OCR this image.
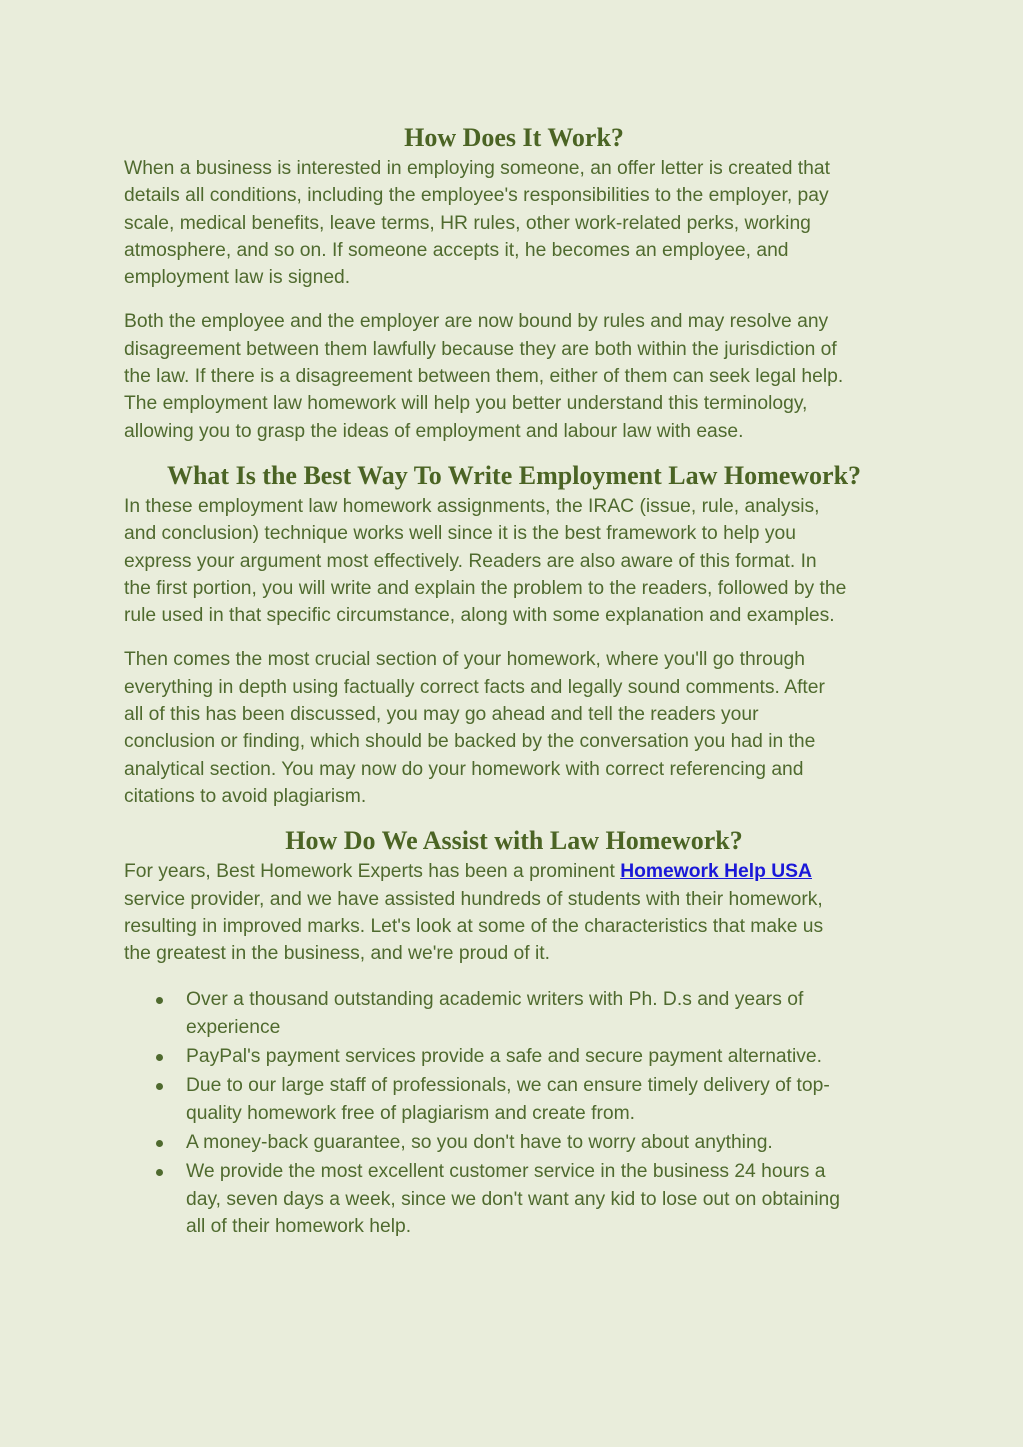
How Does It Work?

When a business is interested in employing someone, an offer letter is created that
details all conditions, including the employee's responsibilities to the employer, pay
scale, medical benefits, leave terms, HR rules, other work-related perks, working
atmosphere, and so on. If someone accepts it, he becomes an employee, and
employment law is signed.

Both the employee and the employer are now bound by rules and may resolve any
disagreement between them lawfully because they are both within the jurisdiction of
the law. If there is a disagreement between them, either of them can seek legal help.
The employment law homework will help you better understand this terminology,
allowing you to grasp the ideas of employment and labour law with ease.

What Is the Best Way To Write Employment Law Homework?

In these employment law homework assignments, the IRAC (issue, rule, analysis,
and conclusion) technique works well since it is the best framework to help you
express your argument most effectively. Readers are also aware of this format. In
the first portion, you will write and explain the problem to the readers, followed by the
rule used in that specific circumstance, along with some explanation and examples.

Then comes the most crucial section of your homework, where you'll go through
everything in depth using factually correct facts and legally sound comments. After
all of this has been discussed, you may go ahead and tell the readers your
conclusion or finding, which should be backed by the conversation you had in the
analytical section. You may now do your homework with correct referencing and
citations to avoid plagiarism.

How Do We Assist with Law Homework?

For years, Best Homework Experts has been a prominent Homework Help USA
service provider, and we have assisted hundreds of students with their homework,
resulting in improved marks. Let's look at some of the characteristics that make us
the greatest in the business, and we're proud of it.

Over a thousand outstanding academic writers with Ph. D.s and years of
experience
PayPal's payment services provide a safe and secure payment alternative.
Due to our large staff of professionals, we can ensure timely delivery of top-
quality homework free of plagiarism and create from.
A money-back guarantee, so you don't have to worry about anything.
We provide the most excellent customer service in the business 24 hours a
day, seven days a week, since we don't want any kid to lose out on obtaining
all of their homework help.
